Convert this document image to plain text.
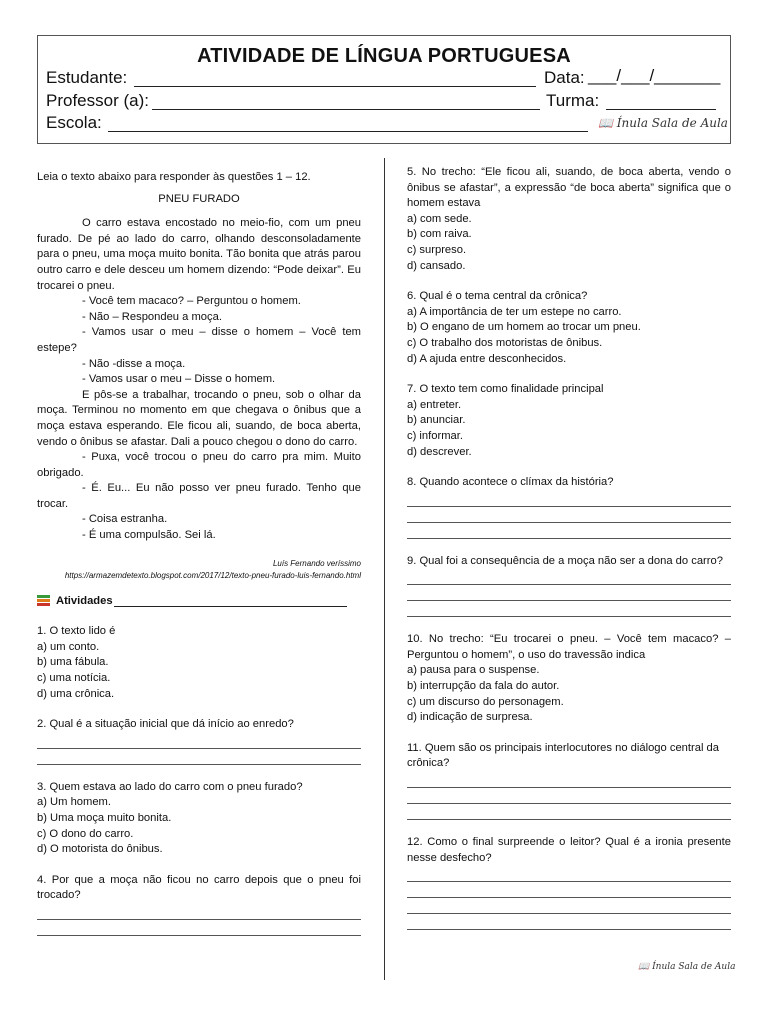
ATIVIDADE DE LÍNGUA PORTUGUESA
Estudante:	Data: ___/___/_______
Professor (a):	Turma:
Escola:	📖 Ínula Sala de Aula

Leia o texto abaixo para responder às questões 1 – 12.

PNEU FURADO

O carro estava encostado no meio-fio, com um pneu furado. De pé ao lado do carro, olhando desconsoladamente para o pneu, uma moça muito bonita. Tão bonita que atrás parou outro carro e dele desceu um homem dizendo: “Pode deixar”. Eu trocarei o pneu.

- Você tem macaco? – Perguntou o homem.

- Não – Respondeu a moça.

- Vamos usar o meu – disse o homem – Você tem estepe?

- Não -disse a moça.

- Vamos usar o meu – Disse o homem.

E pôs-se a trabalhar, trocando o pneu, sob o olhar da moça. Terminou no momento em que chegava o ônibus que a moça estava esperando. Ele ficou ali, suando, de boca aberta, vendo o ônibus se afastar. Dali a pouco chegou o dono do carro.

- Puxa, você trocou o pneu do carro pra mim. Muito obrigado.

- É. Eu... Eu não posso ver pneu furado. Tenho que trocar.

- Coisa estranha.

- É uma compulsão. Sei lá.

Luís Fernando veríssimo

https://armazemdetexto.blogspot.com/2017/12/texto-pneu-furado-luis-fernando.html

Atividades

1. O texto lido é

a) um conto.

b) uma fábula.

c) uma notícia.

d) uma crônica.

2. Qual é a situação inicial que dá início ao enredo?

3. Quem estava ao lado do carro com o pneu furado?

a) Um homem.

b) Uma moça muito bonita.

c) O dono do carro.

d) O motorista do ônibus.

4. Por que a moça não ficou no carro depois que o pneu foi trocado?

5. No trecho: “Ele ficou ali, suando, de boca aberta, vendo o ônibus se afastar”, a expressão “de boca aberta” significa que o homem estava

a) com sede.

b) com raiva.

c) surpreso.

d) cansado.

6. Qual é o tema central da crônica?

a) A importância de ter um estepe no carro.

b) O engano de um homem ao trocar um pneu.

c) O trabalho dos motoristas de ônibus.

d) A ajuda entre desconhecidos.

7. O texto tem como finalidade principal

a) entreter.

b) anunciar.

c) informar.

d) descrever.

8. Quando acontece o clímax da história?

9. Qual foi a consequência de a moça não ser a dona do carro?

10. No trecho: “Eu trocarei o pneu. – Você tem macaco? – Perguntou o homem”, o uso do travessão indica

a) pausa para o suspense.

b) interrupção da fala do autor.

c) um discurso do personagem.

d) indicação de surpresa.

11. Quem são os principais interlocutores no diálogo central da crônica?

12. Como o final surpreende o leitor? Qual é a ironia presente nesse desfecho?

📖 Ínula Sala de Aula
